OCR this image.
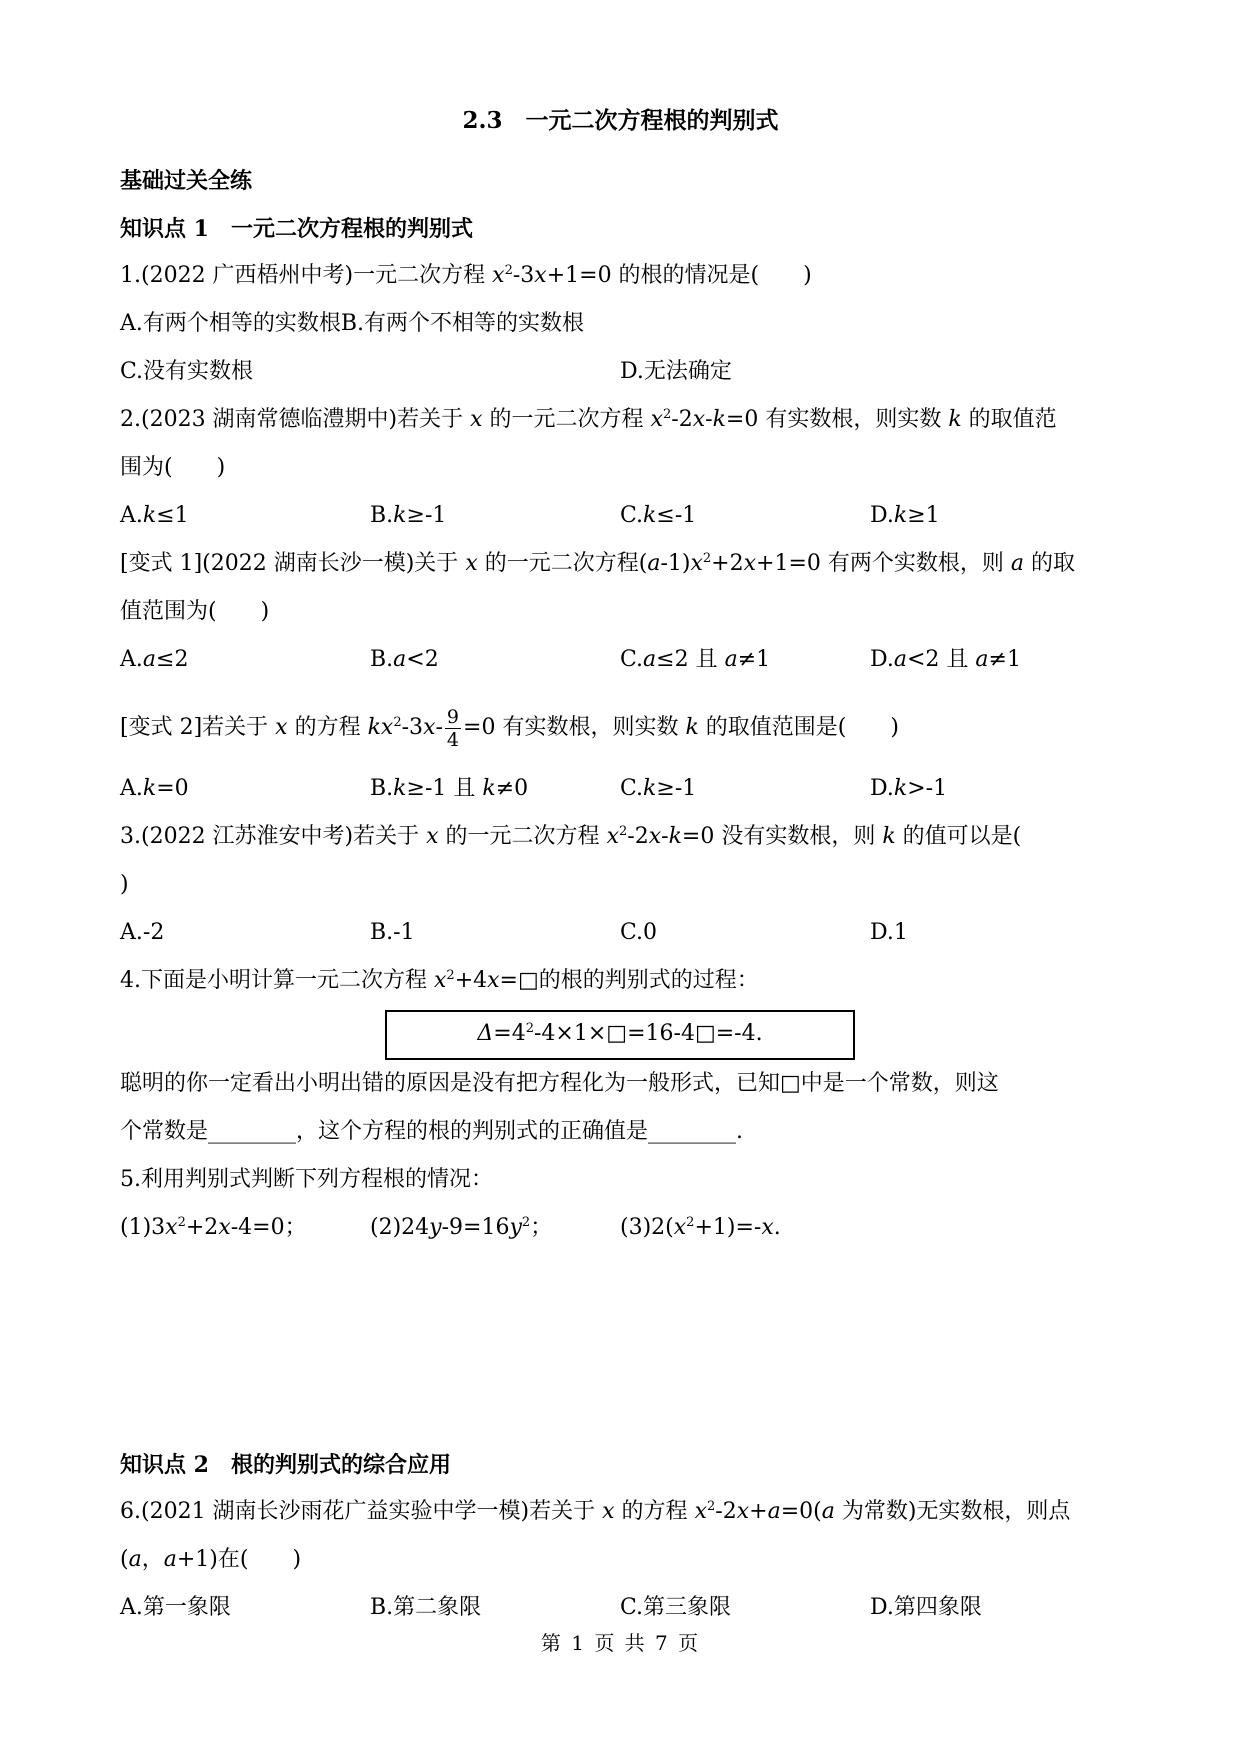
2.3　一元二次方程根的判别式
基础过关全练
知识点 1　一元二次方程根的判别式
1.(2022 广西梧州中考)一元二次方程 $x^2-3x+1=0$ 的根的情况是(　　)
A.有两个相等的实数根B.有两个不相等的实数根
C.没有实数根	D.无法确定
2.(2023 湖南常德临澧期中)若关于 x 的一元二次方程 $x^2-2x-k=0$ 有实数根，则实数 k 的取值范
围为(　　)
A.k≤1	B.k≥-1	C.k≤-1	D.k≥1
[变式 1](2022 湖南长沙一模)关于 x 的一元二次方程$(a-1)x^2+2x+1=0$ 有两个实数根，则 a 的取
值范围为(　　)
A.a≤2	B.a<2	C.a≤2 且 a≠1	D.a<2 且 a≠1
[变式 2]若关于 x 的方程 $kx^2-3x- \frac{9}{4} =0$ 有实数根，则实数 k 的取值范围是(　　)
A.k=0	B.k≥-1 且 k≠0	C.k≥-1	D.k>-1
3.(2022 江苏淮安中考)若关于 x 的一元二次方程 $x^2-2x-k=0$ 没有实数根，则 k 的值可以是(
)
A.-2	B.-1	C.0	D.1
4.下面是小明计算一元二次方程 $x^2+4x=□$的根的判别式的过程：
$\Delta=4^2-4\times 1\times□=16-4□=-4$.
聪明的你一定看出小明出错的原因是没有把方程化为一般形式，已知□中是一个常数，则这
个常数是________，这个方程的根的判别式的正确值是________.
5.利用判别式判断下列方程根的情况：
$(1)3x^2+2x-4=0$；	$(2)24y-9=16y^2$；	$(3)2(x^2+1)=-x$.
知识点 2　根的判别式的综合应用
6.(2021 湖南长沙雨花广益实验中学一模)若关于 x 的方程 $x^2-2x+a=0(a$ 为常数)无实数根，则点
(a，a+1)在(　　)
A.第一象限	B.第二象限	C.第三象限	D.第四象限
第 1 页 共 7 页
